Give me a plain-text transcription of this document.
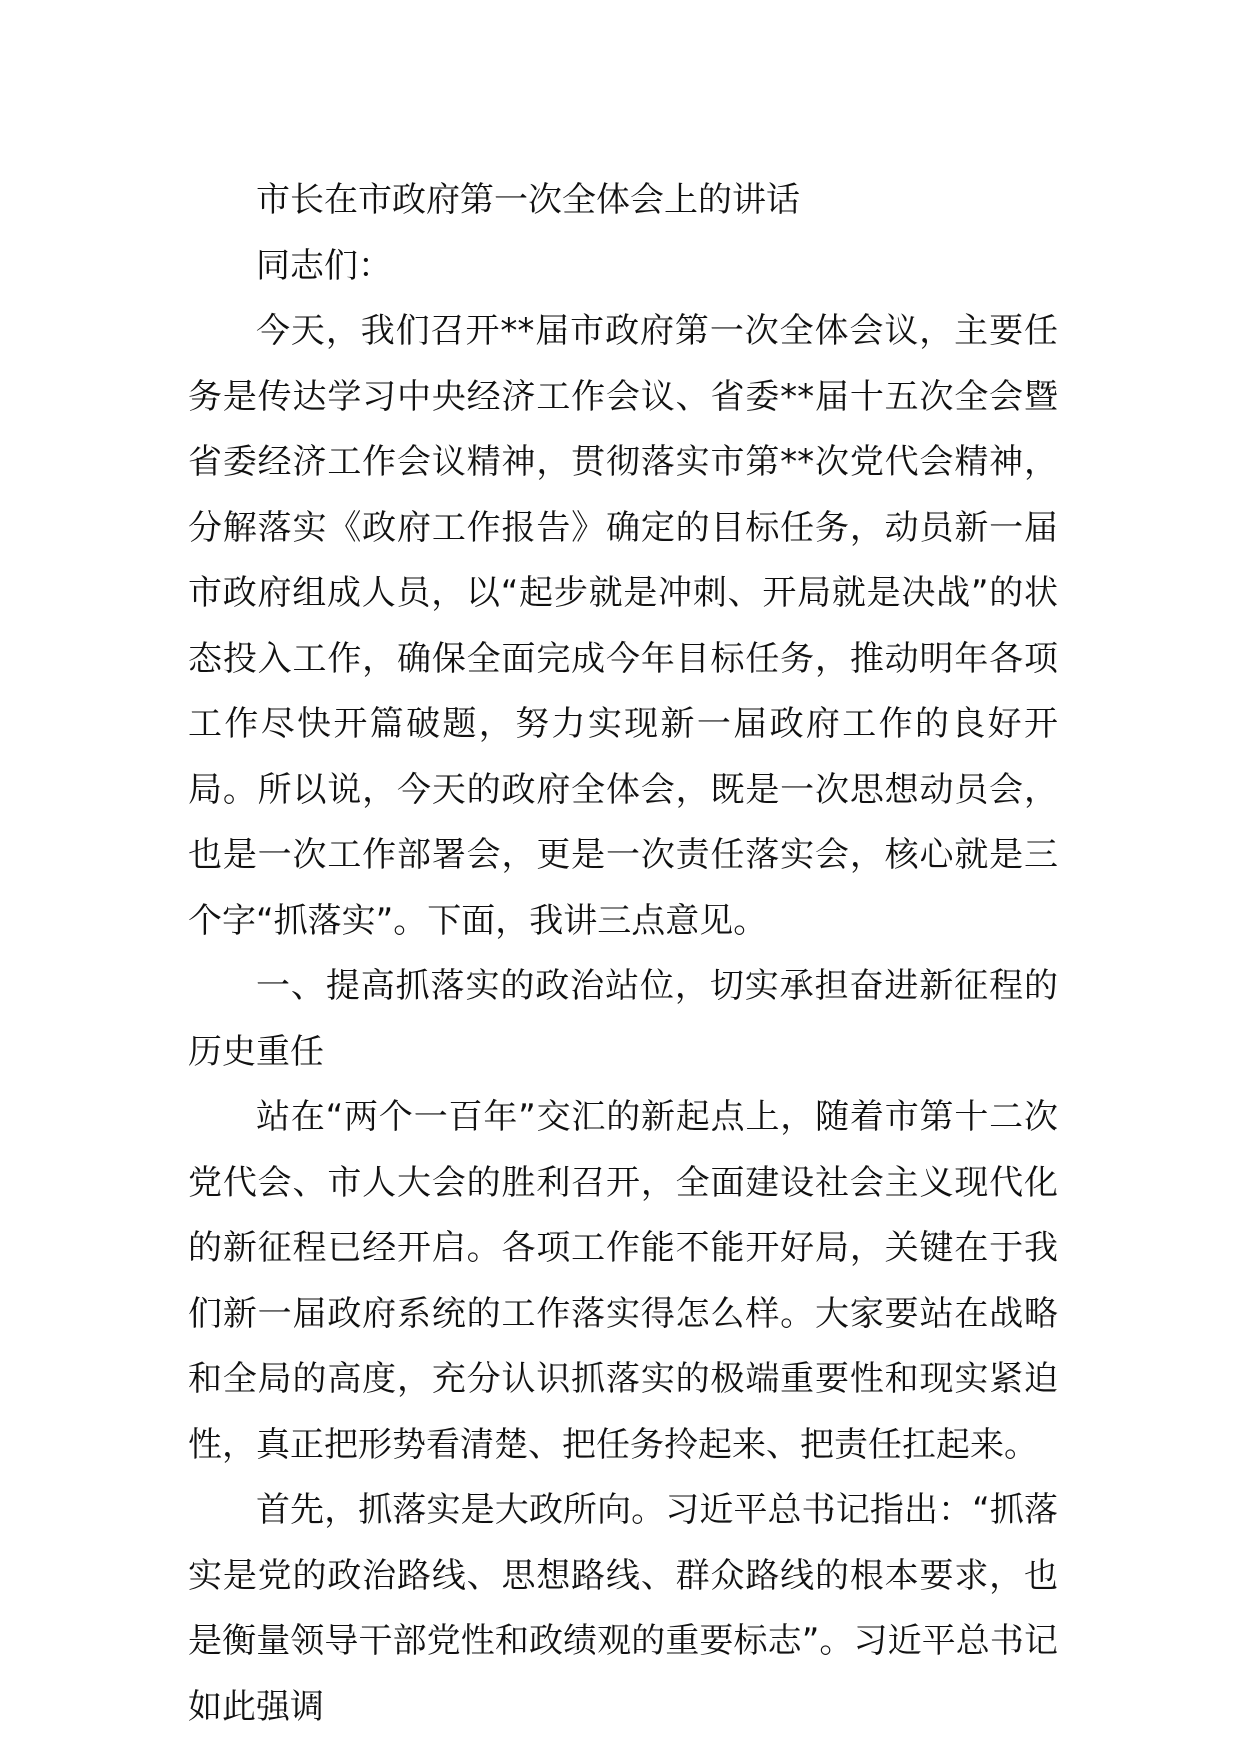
市长在市政府第一次全体会上的讲话

同志们：

今天，我们召开**届市政府第一次全体会议，主要任务是传达学习中央经济工作会议、省委**届十五次全会暨省委经济工作会议精神，贯彻落实市第**次党代会精神，分解落实《政府工作报告》确定的目标任务，动员新一届市政府组成人员，以“起步就是冲刺、开局就是决战”的状态投入工作，确保全面完成今年目标任务，推动明年各项工作尽快开篇破题，努力实现新一届政府工作的良好开局。所以说，今天的政府全体会，既是一次思想动员会，也是一次工作部署会，更是一次责任落实会，核心就是三个字“抓落实”。下面，我讲三点意见。

一、提高抓落实的政治站位，切实承担奋进新征程的历史重任

站在“两个一百年”交汇的新起点上，随着市第十二次党代会、市人大会的胜利召开，全面建设社会主义现代化的新征程已经开启。各项工作能不能开好局，关键在于我们新一届政府系统的工作落实得怎么样。大家要站在战略和全局的高度，充分认识抓落实的极端重要性和现实紧迫性，真正把形势看清楚、把任务拎起来、把责任扛起来。

首先，抓落实是大政所向。习近平总书记指出：“抓落实是党的政治路线、思想路线、群众路线的根本要求，也是衡量领导干部党性和政绩观的重要标志”。习近平总书记如此强调
